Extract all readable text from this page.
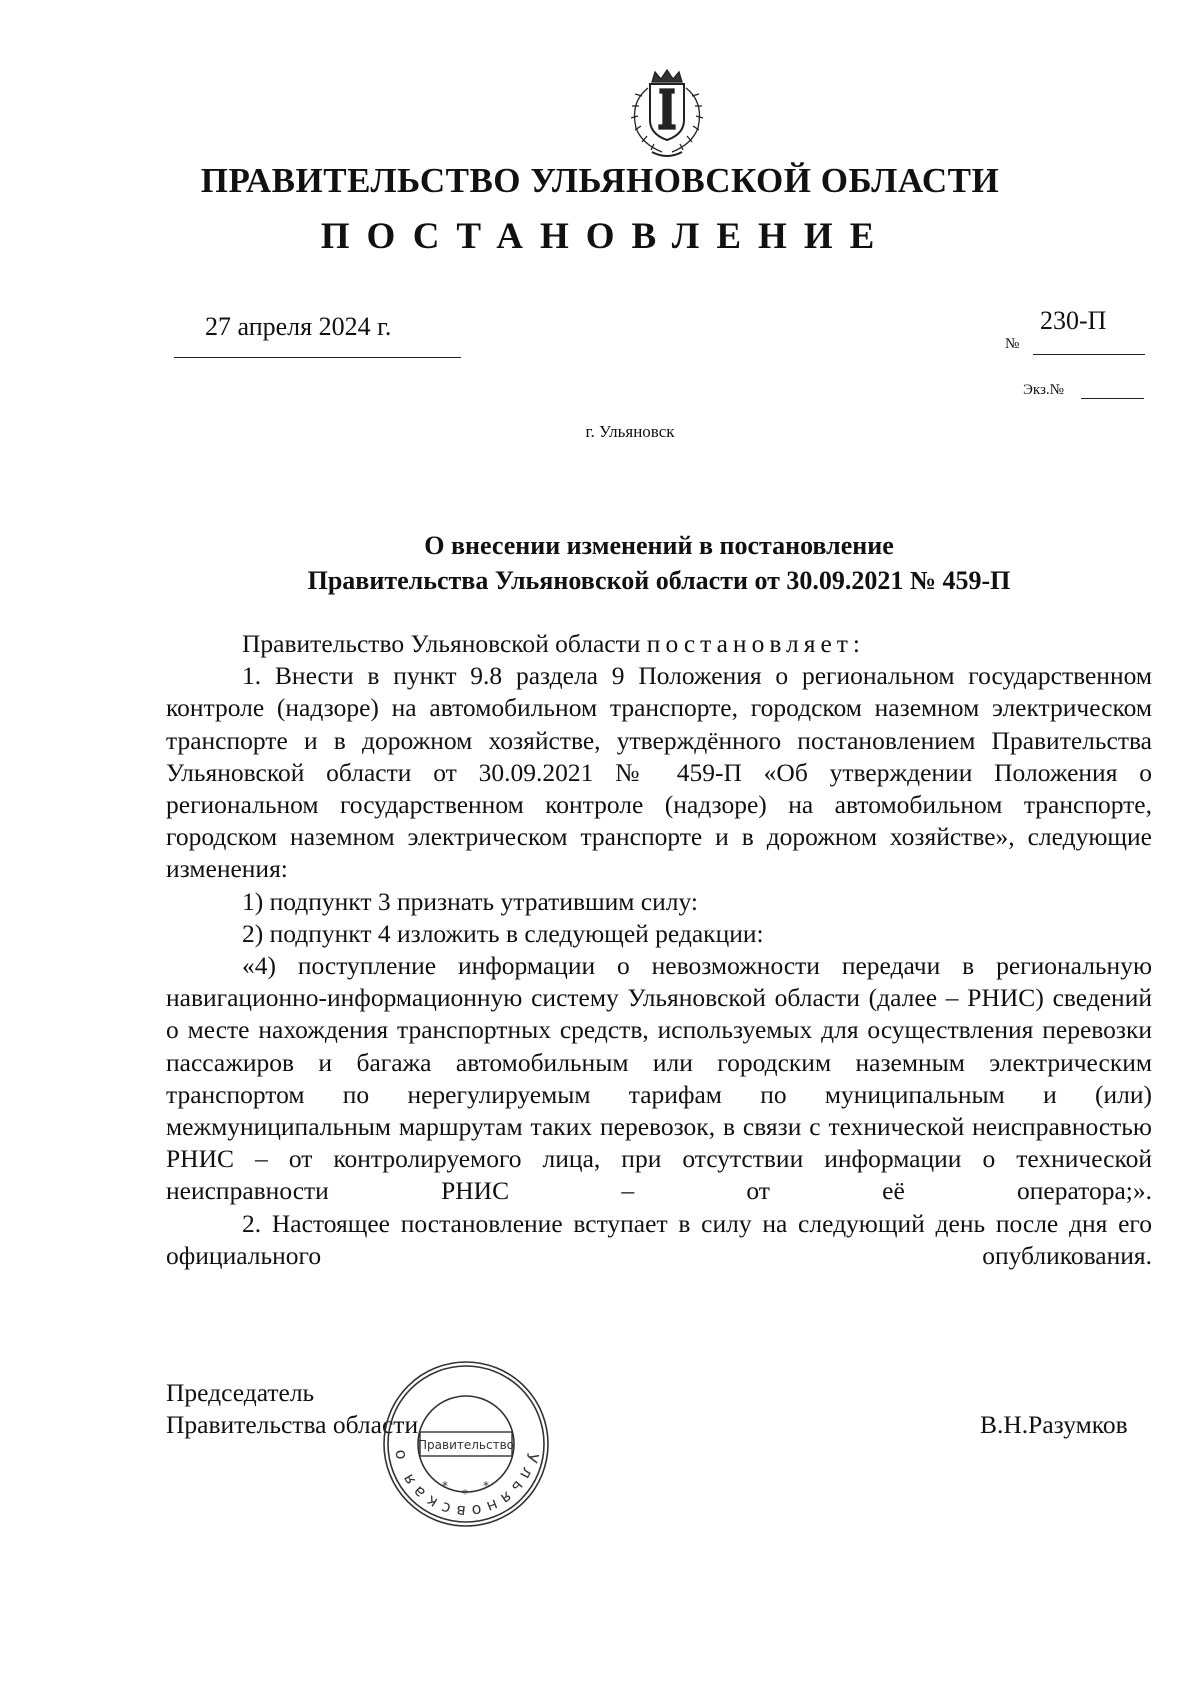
ПРАВИТЕЛЬСТВО УЛЬЯНОВСКОЙ ОБЛАСТИ
ПОСТАНОВЛЕНИЕ
27 апреля 2024 г.	230-П
№
Экз.№
г. Ульяновск
О внесении изменений в постановление
Правительства Ульяновской области от 30.09.2021 № 459-П

Правительство Ульяновской области постановляет:

1. Внести в пункт 9.8 раздела 9 Положения о региональном государственном контроле (надзоре) на автомобильном транспорте, городском наземном электрическом транспорте и в дорожном хозяйстве, утверждённого постановлением Правительства Ульяновской области от 30.09.2021 № 459-П «Об утверждении Положения о региональном государственном контроле (надзоре) на автомобильном транспорте, городском наземном электрическом транспорте и в дорожном хозяйстве», следующие изменения:

1) подпункт 3 признать утратившим силу:

2) подпункт 4 изложить в следующей редакции:

«4) поступление информации о невозможности передачи в региональную навигационно-информационную систему Ульяновской области (далее – РНИС) сведений о месте нахождения транспортных средств, используемых для осуществления перевозки пассажиров и багажа автомобильным или городским наземным электрическим транспортом по нерегулируемым тарифам по муниципальным и (или) межмуниципальным маршрутам таких перевозок, в связи с технической неисправностью РНИС – от контролируемого лица, при отсутствии информации о технической неисправности РНИС – от её оператора;».

2. Настоящее постановление вступает в силу на следующий день после дня его официального опубликования.

Председатель
Правительства области	В.Н.Разумков
Ульяновская область
Правительство
*
*
*
